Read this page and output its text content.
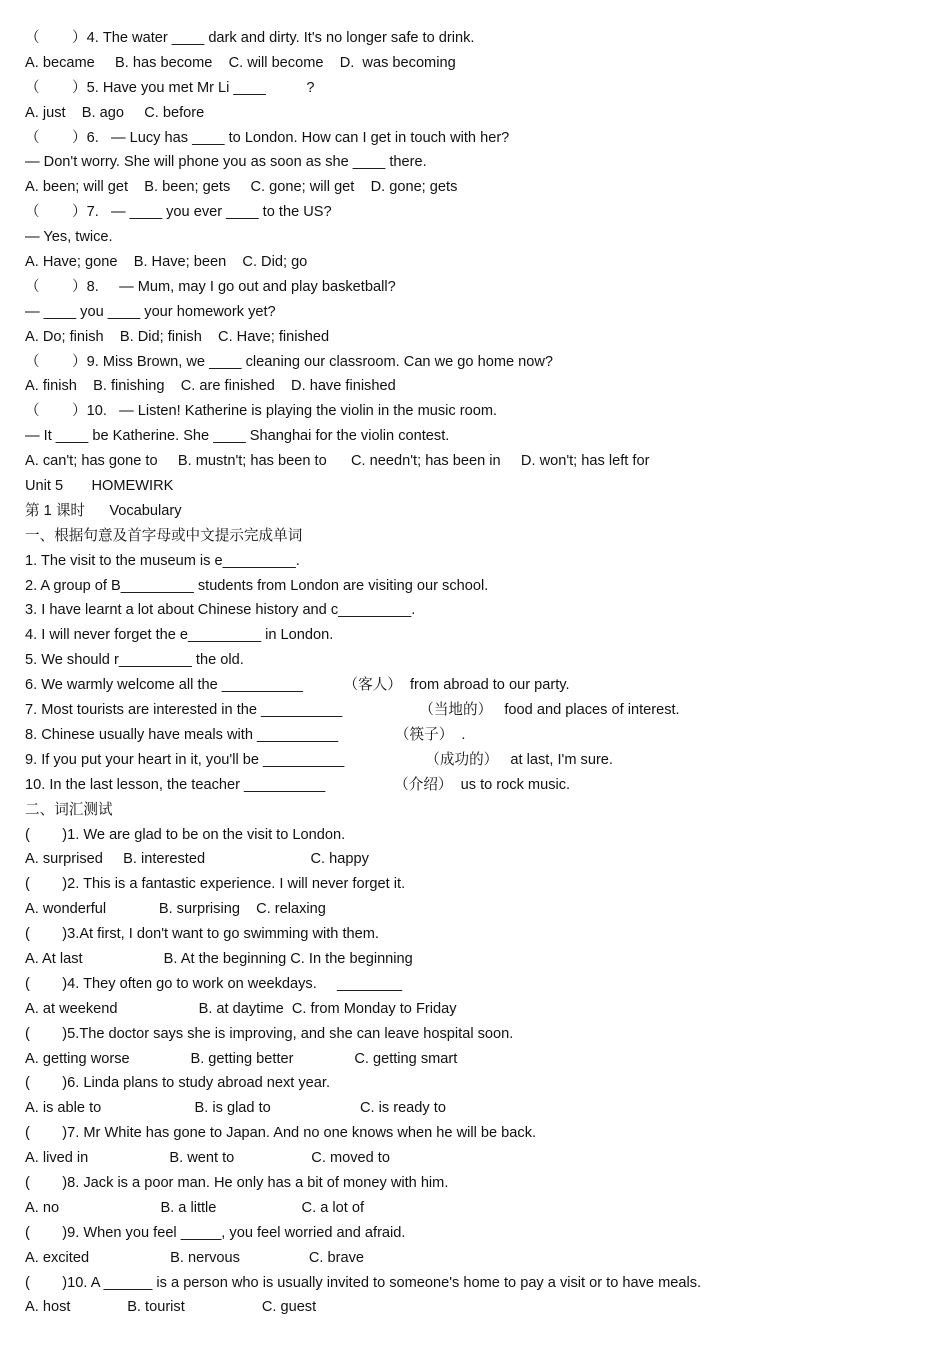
（        ）4. The water ____ dark and dirty. It's no longer safe to drink.
A. became     B. has become    C. will become    D.  was becoming
（        ）5. Have you met Mr Li ____          ?
A. just    B. ago     C. before
（        ）6.   — Lucy has ____ to London. How can I get in touch with her?
— Don't worry. She will phone you as soon as she ____ there.
A. been; will get    B. been; gets     C. gone; will get    D. gone; gets
（        ）7.   — ____ you ever ____ to the US?
— Yes, twice.
A. Have; gone    B. Have; been    C. Did; go
（        ）8.     — Mum, may I go out and play basketball?
— ____ you ____ your homework yet?
A. Do; finish    B. Did; finish    C. Have; finished
（        ）9. Miss Brown, we ____ cleaning our classroom. Can we go home now?
A. finish    B. finishing    C. are finished    D. have finished
（        ）10.   — Listen! Katherine is playing the violin in the music room.
— It ____ be Katherine. She ____ Shanghai for the violin contest.
A. can't; has gone to     B. mustn't; has been to      C. needn't; has been in     D. won't; has left for
Unit 5       HOMEWIRK
第 1 课时      Vocabulary
一、根据句意及首字母或中文提示完成单词
1. The visit to the museum is e_________.
2. A group of B_________ students from London are visiting our school.
3. I have learnt a lot about Chinese history and c_________.
4. I will never forget the e_________ in London.
5. We should r_________ the old.
6. We warmly welcome all the __________          （客人）  from abroad to our party.
7. Most tourists are interested in the __________                   （当地的）   food and places of interest.
8. Chinese usually have meals with __________              （筷子）  .
9. If you put your heart in it, you'll be __________                    （成功的）   at last, I'm sure.
10. In the last lesson, the teacher __________                 （介绍）  us to rock music.
二、词汇测试
(        )1. We are glad to be on the visit to London.
A. surprised     B. interested                          C. happy
(        )2. This is a fantastic experience. I will never forget it.
A. wonderful             B. surprising    C. relaxing
(        )3.At first, I don't want to go swimming with them.
A. At last                    B. At the beginning C. In the beginning
(        )4. They often go to work on weekdays.     ________
A. at weekend                    B. at daytime  C. from Monday to Friday
(        )5.The doctor says she is improving, and she can leave hospital soon.
A. getting worse               B. getting better               C. getting smart
(        )6. Linda plans to study abroad next year.
A. is able to                       B. is glad to                      C. is ready to
(        )7. Mr White has gone to Japan. And no one knows when he will be back.
A. lived in                    B. went to                   C. moved to
(        )8. Jack is a poor man. He only has a bit of money with him.
A. no                         B. a little                     C. a lot of
(        )9. When you feel _____, you feel worried and afraid.
A. excited                    B. nervous                 C. brave
(        )10. A ______ is a person who is usually invited to someone's home to pay a visit or to have meals.
A. host              B. tourist                   C. guest
